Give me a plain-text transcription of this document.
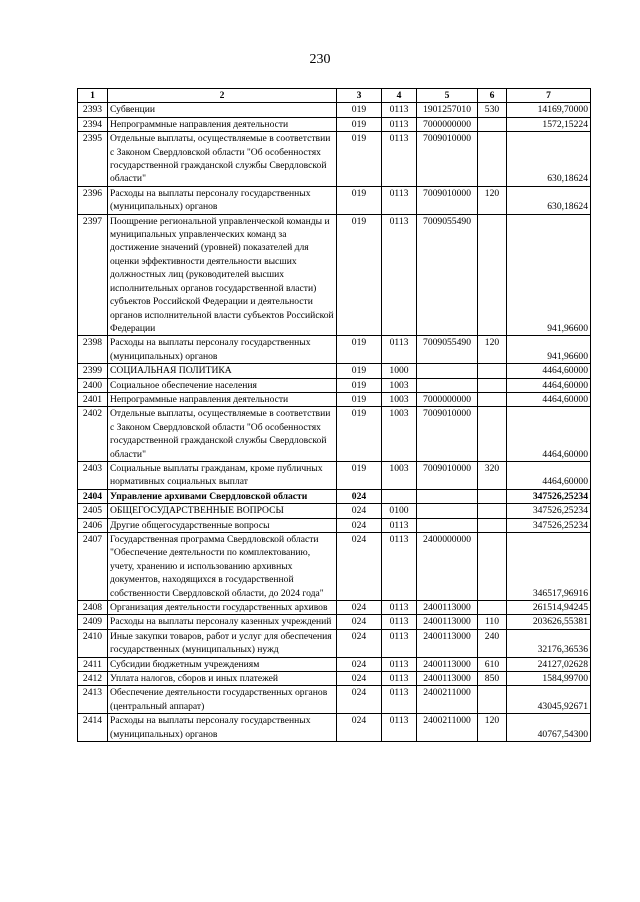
230
1	2	3	4	5	6	7
2393	Субвенции	019	0113	1901257010	530	14169,70000
2394	Непрограммные направления деятельности	019	0113	7000000000		1572,15224
2395	Отдельные выплаты, осуществляемые в соответствии с Законом Свердловской области "Об особенностях государственной гражданской службы Свердловской области"	019	0113	7009010000		630,18624
2396	Расходы на выплаты персоналу государственных (муниципальных) органов	019	0113	7009010000	120	630,18624
2397	Поощрение региональной управленческой команды и муниципальных управленческих команд за достижение значений (уровней) показателей для оценки эффективности деятельности высших должностных лиц (руководителей высших исполнительных органов государственной власти) субъектов Российской Федерации и деятельности органов исполнительной власти субъектов Российской Федерации	019	0113	7009055490		941,96600
2398	Расходы на выплаты персоналу государственных (муниципальных) органов	019	0113	7009055490	120	941,96600
2399	СОЦИАЛЬНАЯ ПОЛИТИКА	019	1000			4464,60000
2400	Социальное обеспечение населения	019	1003			4464,60000
2401	Непрограммные направления деятельности	019	1003	7000000000		4464,60000
2402	Отдельные выплаты, осуществляемые в соответствии с Законом Свердловской области "Об особенностях государственной гражданской службы Свердловской области"	019	1003	7009010000		4464,60000
2403	Социальные выплаты гражданам, кроме публичных нормативных социальных выплат	019	1003	7009010000	320	4464,60000
2404	Управление архивами Свердловской области	024				347526,25234
2405	ОБЩЕГОСУДАРСТВЕННЫЕ ВОПРОСЫ	024	0100			347526,25234
2406	Другие общегосударственные вопросы	024	0113			347526,25234
2407	Государственная программа Свердловской области "Обеспечение деятельности по комплектованию, учету, хранению и использованию архивных документов, находящихся в государственной собственности Свердловской области, до 2024 года"	024	0113	2400000000		346517,96916
2408	Организация деятельности государственных архивов	024	0113	2400113000		261514,94245
2409	Расходы на выплаты персоналу казенных учреждений	024	0113	2400113000	110	203626,55381
2410	Иные закупки товаров, работ и услуг для обеспечения государственных (муниципальных) нужд	024	0113	2400113000	240	32176,36536
2411	Субсидии бюджетным учреждениям	024	0113	2400113000	610	24127,02628
2412	Уплата налогов, сборов и иных платежей	024	0113	2400113000	850	1584,99700
2413	Обеспечение деятельности государственных органов (центральный аппарат)	024	0113	2400211000		43045,92671
2414	Расходы на выплаты персоналу государственных (муниципальных) органов	024	0113	2400211000	120	40767,54300
